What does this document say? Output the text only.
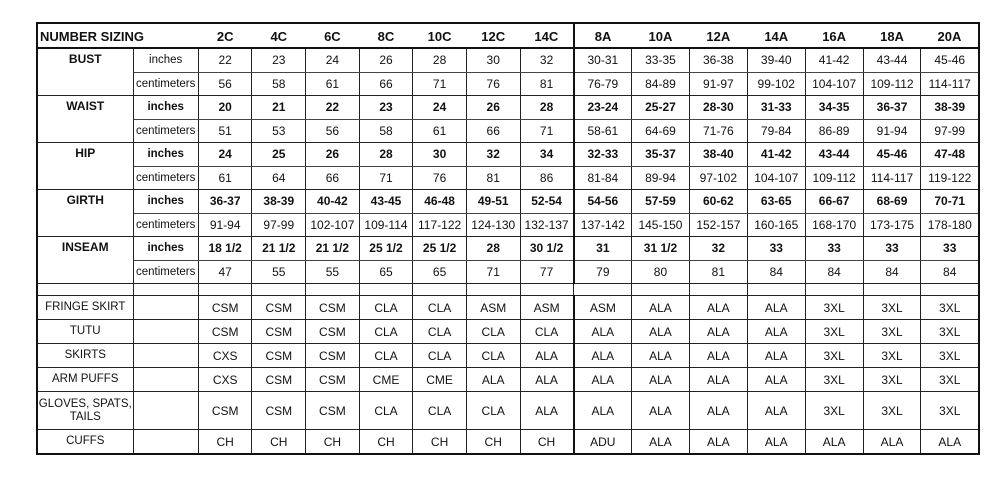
NUMBER SIZING		2C	4C	6C	8C	10C	12C	14C	8A	10A	12A	14A	16A	18A	20A
BUST	inches	22	23	24	26	28	30	32	30-31	33-35	36-38	39-40	41-42	43-44	45-46
	centimeters	56	58	61	66	71	76	81	76-79	84-89	91-97	99-102	104-107	109-112	114-117
WAIST	inches	20	21	22	23	24	26	28	23-24	25-27	28-30	31-33	34-35	36-37	38-39
	centimeters	51	53	56	58	61	66	71	58-61	64-69	71-76	79-84	86-89	91-94	97-99
HIP	inches	24	25	26	28	30	32	34	32-33	35-37	38-40	41-42	43-44	45-46	47-48
	centimeters	61	64	66	71	76	81	86	81-84	89-94	97-102	104-107	109-112	114-117	119-122
GIRTH	inches	36-37	38-39	40-42	43-45	46-48	49-51	52-54	54-56	57-59	60-62	63-65	66-67	68-69	70-71
	centimeters	91-94	97-99	102-107	109-114	117-122	124-130	132-137	137-142	145-150	152-157	160-165	168-170	173-175	178-180
INSEAM	inches	18 1/2	21 1/2	21 1/2	25 1/2	25 1/2	28	30 1/2	31	31 1/2	32	33	33	33	33
	centimeters	47	55	55	65	65	71	77	79	80	81	84	84	84	84

FRINGE SKIRT		CSM	CSM	CSM	CLA	CLA	ASM	ASM	ASM	ALA	ALA	ALA	3XL	3XL	3XL
TUTU		CSM	CSM	CSM	CLA	CLA	CLA	CLA	ALA	ALA	ALA	ALA	3XL	3XL	3XL
SKIRTS		CXS	CSM	CSM	CLA	CLA	CLA	ALA	ALA	ALA	ALA	ALA	3XL	3XL	3XL
ARM PUFFS		CXS	CSM	CSM	CME	CME	ALA	ALA	ALA	ALA	ALA	ALA	3XL	3XL	3XL
GLOVES, SPATS, TAILS		CSM	CSM	CSM	CLA	CLA	CLA	ALA	ALA	ALA	ALA	ALA	3XL	3XL	3XL
CUFFS		CH	CH	CH	CH	CH	CH	CH	ADU	ALA	ALA	ALA	ALA	ALA	ALA
